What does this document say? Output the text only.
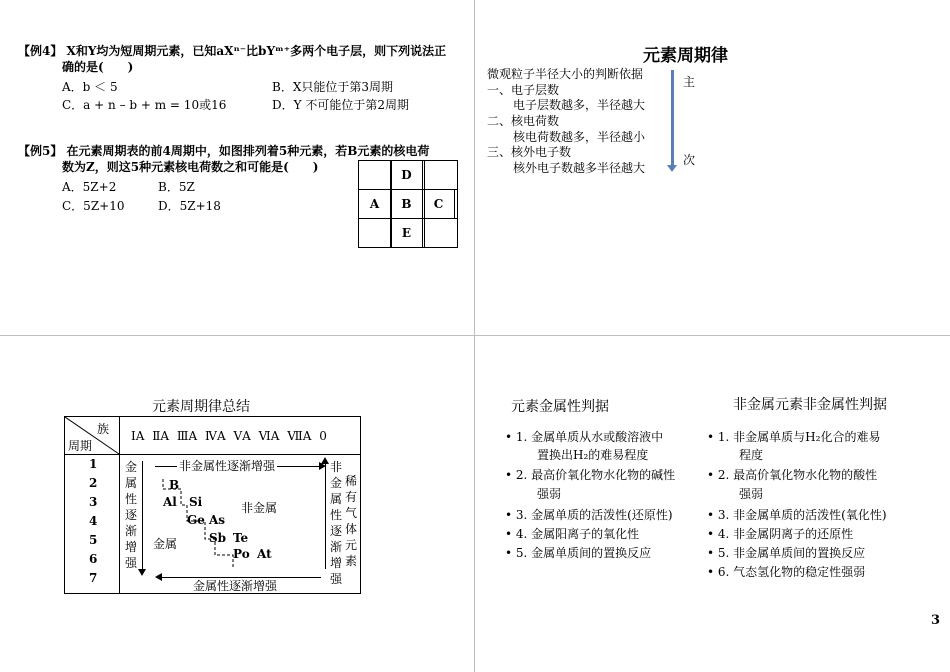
【例4】 X和Y均为短周期元素，已知aXⁿ⁻比bYᵐ⁺多两个电子层，则下列说法正
确的是(　　)
A．b ＜ 5	B．X只能位于第3周期
C．a + n – b + m = 10或16	D．Y 不可能位于第2周期
【例5】 在元素周期表的前4周期中，如图排列着5种元素，若B元素的核电荷
数为Z，则这5种元素核电荷数之和可能是(　　)
A．5Z+2	B．5Z
C．5Z+10	D．5Z+18
	D	
A	B	C
	E	
元素周期律
微观粒子半径大小的判断依据
一、电子层数
电子层数越多，半径越大
二、核电荷数
核电荷数越多，半径越小
三、核外电子数
核外电子数越多半径越大
主
次
元素周期律总结
族
周期
ⅠA ⅡA ⅢA ⅣA ⅤA ⅥA ⅦA 0
1
2
3
4
5
6
7
非金属性逐渐增强
金属性逐渐增强
金属性逐渐增强
非金属性逐渐增强
稀有气体元素
B
Al Si
Ge As
Sb Te
Po At
非金属
金属
元素金属性判据	非金属元素非金属性判据
• 1. 金属单质从水或酸溶液中
置换出H₂的难易程度
• 2. 最高价氧化物水化物的碱性
强弱
• 3. 金属单质的活泼性(还原性)
• 4. 金属阳离子的氧化性
• 5. 金属单质间的置换反应
• 1. 非金属单质与H₂化合的难易
程度
• 2. 最高价氧化物水化物的酸性
强弱
• 3. 非金属单质的活泼性(氧化性)
• 4. 非金属阴离子的还原性
• 5. 非金属单质间的置换反应
• 6. 气态氢化物的稳定性强弱
3
